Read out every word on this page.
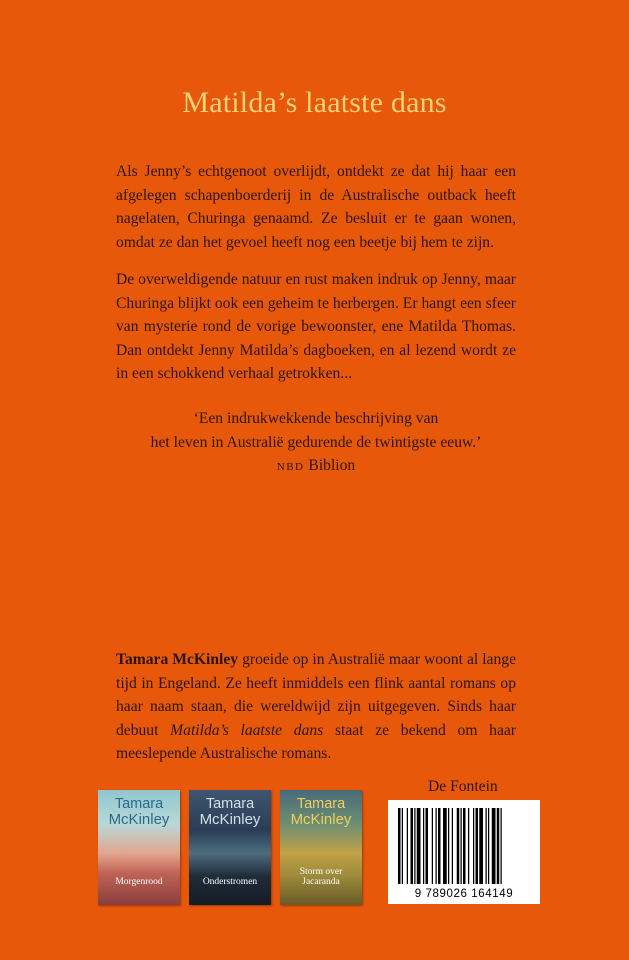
Matilda’s laatste dans
Als Jenny’s echtgenoot overlijdt, ontdekt ze dat hij haar een afgelegen schapenboerderij in de Australische outback heeft nagelaten, Churinga genaamd. Ze besluit er te gaan wonen, omdat ze dan het gevoel heeft nog een beetje bij hem te zijn.
De overweldigende natuur en rust maken indruk op Jenny, maar Churinga blijkt ook een geheim te herbergen. Er hangt een sfeer van mysterie rond de vorige bewoonster, ene Matilda Thomas. Dan ontdekt Jenny Matilda’s dagboeken, en al lezend wordt ze in een schokkend verhaal getrokken...
‘Een indrukwekkende beschrijving van
het leven in Australië gedurende de twintigste eeuw.’
NBD Biblion
Tamara McKinley groeide op in Australië maar woont al lange tijd in Engeland. Ze heeft inmiddels een flink aantal romans op haar naam staan, die wereldwijd zijn uitgegeven. Sinds haar debuut Matilda’s laatste dans staat ze bekend om haar meeslepende Australische romans.
Tamara
McKinley
Morgenrood
Tamara
McKinley
Onderstromen
Tamara
McKinley
Storm over Jacaranda
De Fontein
9 789026 164149
